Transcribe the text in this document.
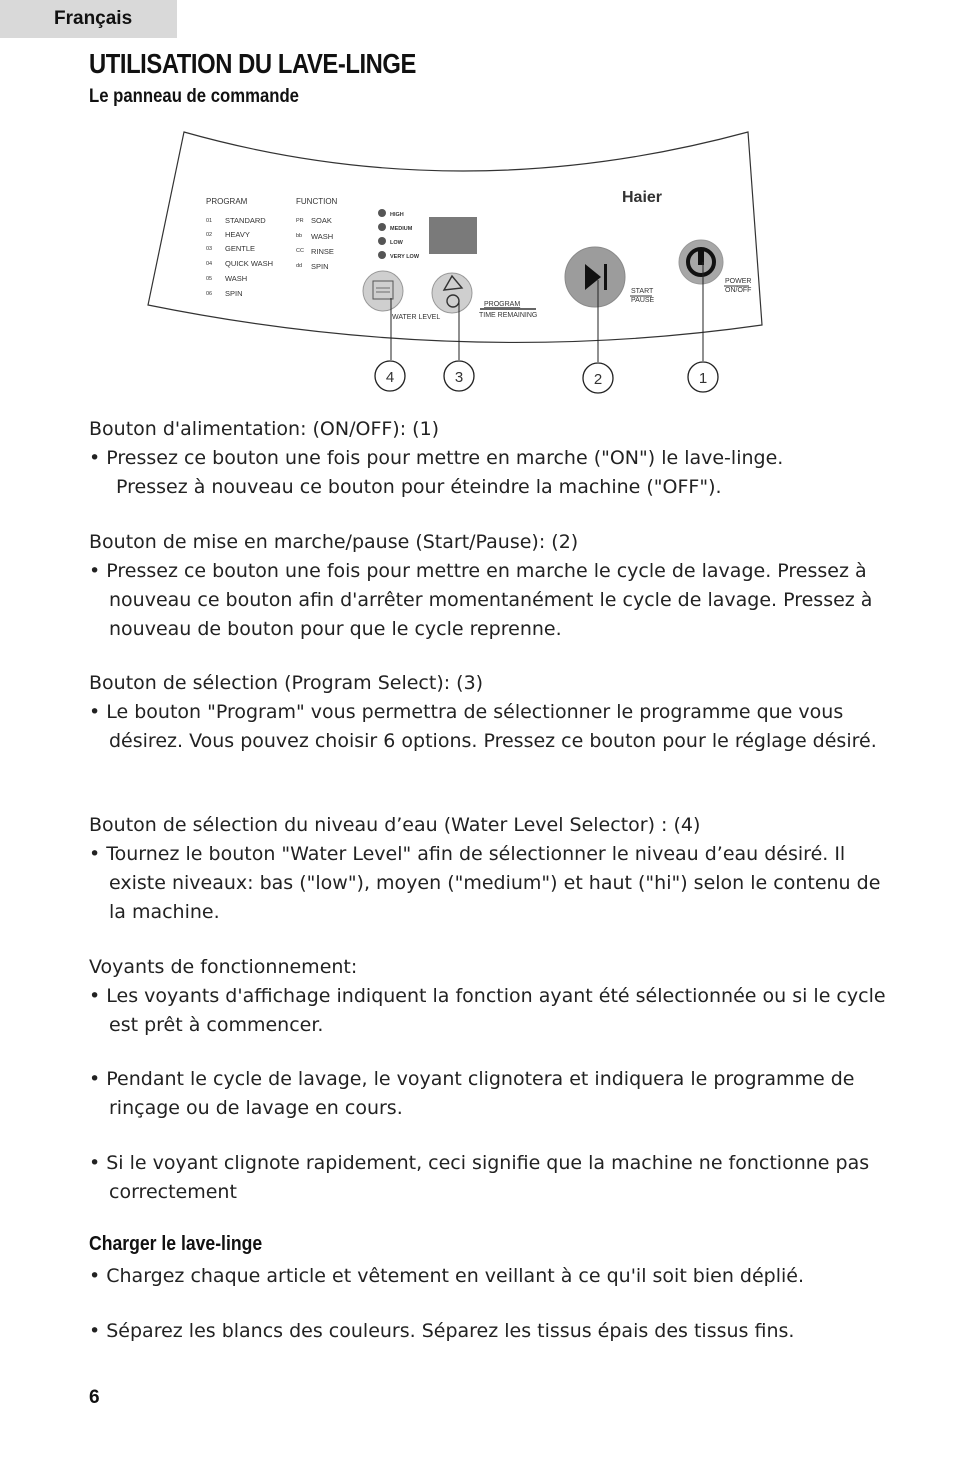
Français
UTILISATION DU LAVE-LINGE
Le panneau de commande
PROGRAM
01 STANDARD
02 HEAVY
03 GENTLE
04 QUICK WASH
05 WASH
06 SPIN
FUNCTION
PR SOAK
bb WASH
CC RINSE
dd SPIN
HIGH
MEDIUM
LOW
VERY LOW
Haier
WATER LEVEL
PROGRAM
TIME REMAINING
START
PAUSE
POWER
ON/OFF
4	3	2	1

Bouton d'alimentation: (ON/OFF): (1)

• Pressez ce bouton une fois pour mettre en marche ("ON") le lave-linge.

Pressez à nouveau ce bouton pour éteindre la machine ("OFF").

Bouton de mise en marche/pause (Start/Pause): (2)

• Pressez ce bouton une fois pour mettre en marche le cycle de lavage. Pressez à nouveau ce bouton afin d'arrêter momentanément le cycle de lavage. Pressez à nouveau de bouton pour que le cycle reprenne.

Bouton de sélection (Program Select): (3)

• Le bouton "Program" vous permettra de sélectionner le programme que vous désirez. Vous pouvez choisir 6 options. Pressez ce bouton pour le réglage désiré.

Bouton de sélection du niveau d’eau (Water Level Selector) : (4)

• Tournez le bouton "Water Level" afin de sélectionner le niveau d’eau désiré. Il existe niveaux: bas ("low"), moyen ("medium") et haut ("hi") selon le contenu de la machine.

Voyants de fonctionnement:

• Les voyants d'affichage indiquent la fonction ayant été sélectionnée ou si le cycle est prêt à commencer.

• Pendant le cycle de lavage, le voyant clignotera et indiquera le programme de rinçage ou de lavage en cours.

• Si le voyant clignote rapidement, ceci signifie que la machine ne fonctionne pas correctement

Charger le lave-linge

• Chargez chaque article et vêtement en veillant à ce qu'il soit bien déplié.

• Séparez les blancs des couleurs. Séparez les tissus épais des tissus fins.

6
